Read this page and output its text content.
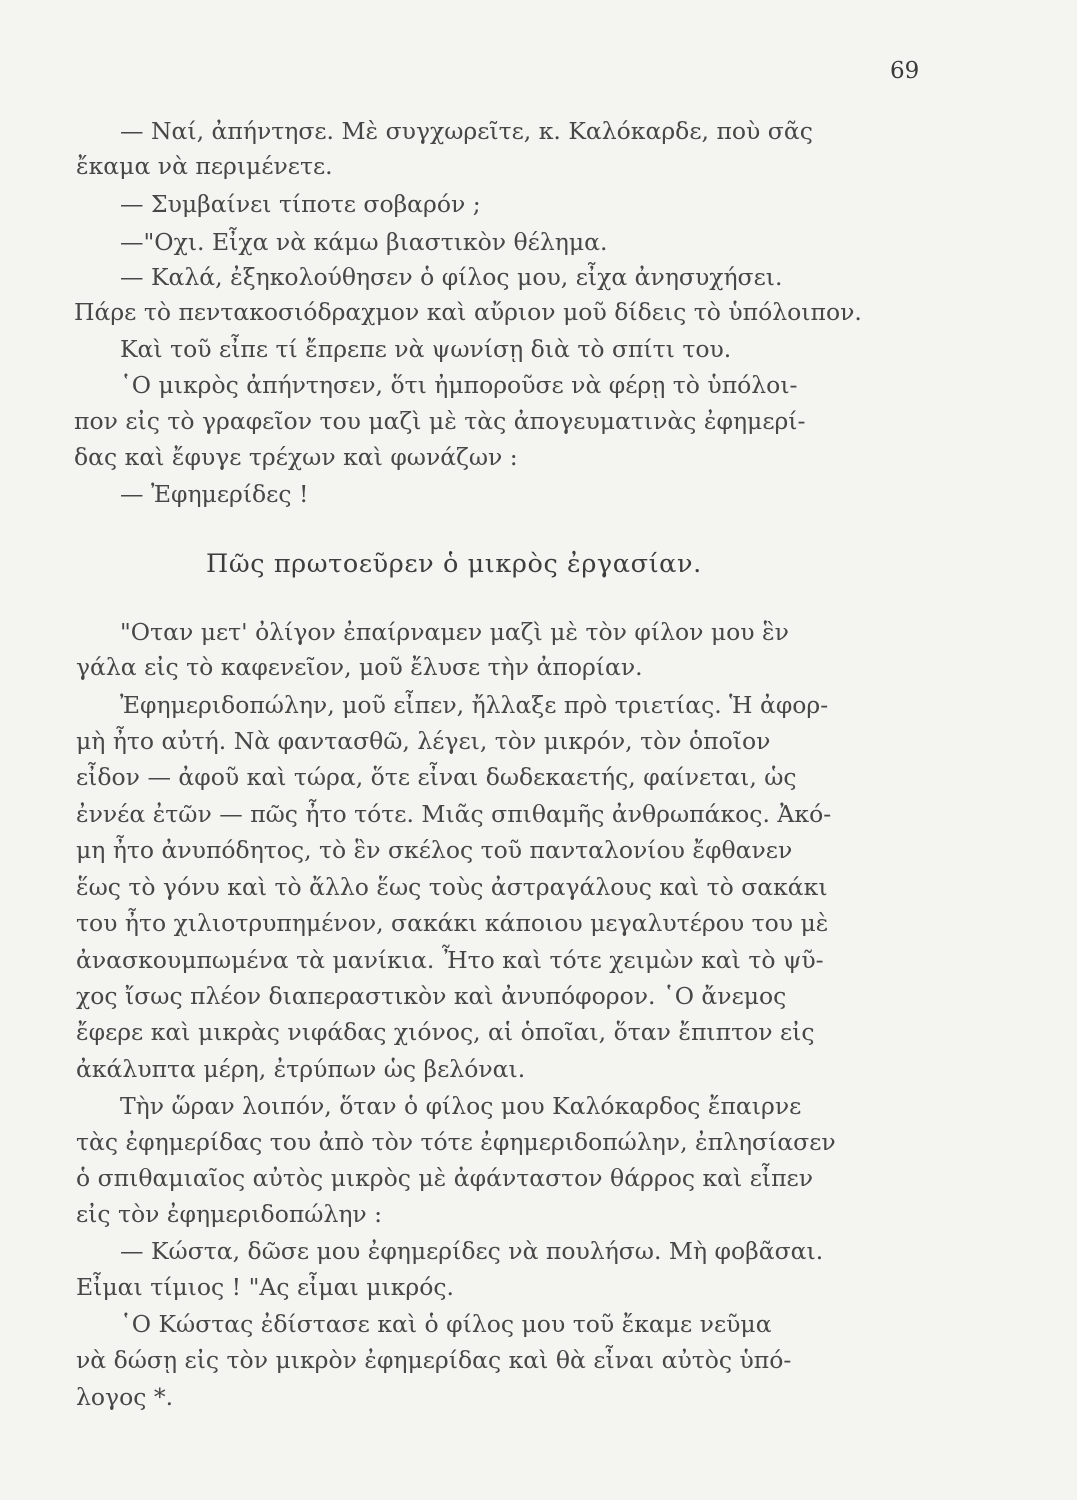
69
— Ναί, ἀπήντησε. Μὲ συγχωρεῖτε, κ. Καλόκαρδε, ποὺ σᾶς
ἔκαμα νὰ περιμένετε.
— Συμβαίνει τίποτε σοβαρόν ;
—"Οχι. Εἶχα νὰ κάμω βιαστικὸν θέλημα.
— Καλά, ἐξηκολούθησεν ὁ φίλος μου, εἶχα ἀνησυχήσει.
Πάρε τὸ πεντακοσιόδραχμον καὶ αὔριον μοῦ δίδεις τὸ ὑπόλοιπον.
Καὶ τοῦ εἶπε τί ἔπρεπε νὰ ψωνίσῃ διὰ τὸ σπίτι του.
῾Ο μικρὸς ἀπήντησεν, ὅτι ἠμποροῦσε νὰ φέρῃ τὸ ὑπόλοι-
πον εἰς τὸ γραφεῖον του μαζὶ μὲ τὰς ἀπογευματινὰς ἐφημερί-
δας καὶ ἔφυγε τρέχων καὶ φωνάζων :
— Ἐφημερίδες !
Πῶς πρωτοεῦρεν ὁ μικρὸς ἐργασίαν.
"Οταν μετ' ὀλίγον ἐπαίρναμεν μαζὶ μὲ τὸν φίλον μου ἓν
γάλα εἰς τὸ καφενεῖον, μοῦ ἔλυσε τὴν ἀπορίαν.
Ἐφημεριδοπώλην, μοῦ εἶπεν, ἤλλαξε πρὸ τριετίας. Ἡ ἀφορ-
μὴ ἦτο αὐτή. Νὰ φαντασθῶ, λέγει, τὸν μικρόν, τὸν ὁποῖον
εἶδον — ἀφοῦ καὶ τώρα, ὅτε εἶναι δωδεκαετής, φαίνεται, ὡς
ἐννέα ἐτῶν — πῶς ἦτο τότε. Μιᾶς σπιθαμῆς ἀνθρωπάκος. Ἀκό-
μη ἦτο ἀνυπόδητος, τὸ ἓν σκέλος τοῦ πανταλονίου ἔφθανεν
ἕως τὸ γόνυ καὶ τὸ ἄλλο ἕως τοὺς ἀστραγάλους καὶ τὸ σακάκι
του ἦτο χιλιοτρυπημένον, σακάκι κάποιου μεγαλυτέρου του μὲ
ἀνασκουμπωμένα τὰ μανίκια. Ἦτο καὶ τότε χειμὼν καὶ τὸ ψῦ-
χος ἴσως πλέον διαπεραστικὸν καὶ ἀνυπόφορον. ῾Ο ἄνεμος
ἔφερε καὶ μικρὰς νιφάδας χιόνος, αἱ ὁποῖαι, ὅταν ἔπιπτον εἰς
ἀκάλυπτα μέρη, ἐτρύπων ὡς βελόναι.
Τὴν ὥραν λοιπόν, ὅταν ὁ φίλος μου Καλόκαρδος ἔπαιρνε
τὰς ἐφημερίδας του ἀπὸ τὸν τότε ἐφημεριδοπώλην, ἐπλησίασεν
ὁ σπιθαμιαῖος αὐτὸς μικρὸς μὲ ἀφάνταστον θάρρος καὶ εἶπεν
εἰς τὸν ἐφημεριδοπώλην :
— Κώστα, δῶσε μου ἐφημερίδες νὰ πουλήσω. Μὴ φοβᾶσαι.
Εἶμαι τίμιος ! "Ας εἶμαι μικρός.
῾Ο Κώστας ἐδίστασε καὶ ὁ φίλος μου τοῦ ἔκαμε νεῦμα
νὰ δώσῃ εἰς τὸν μικρὸν ἐφημερίδας καὶ θὰ εἶναι αὐτὸς ὑπό-
λογος *.
